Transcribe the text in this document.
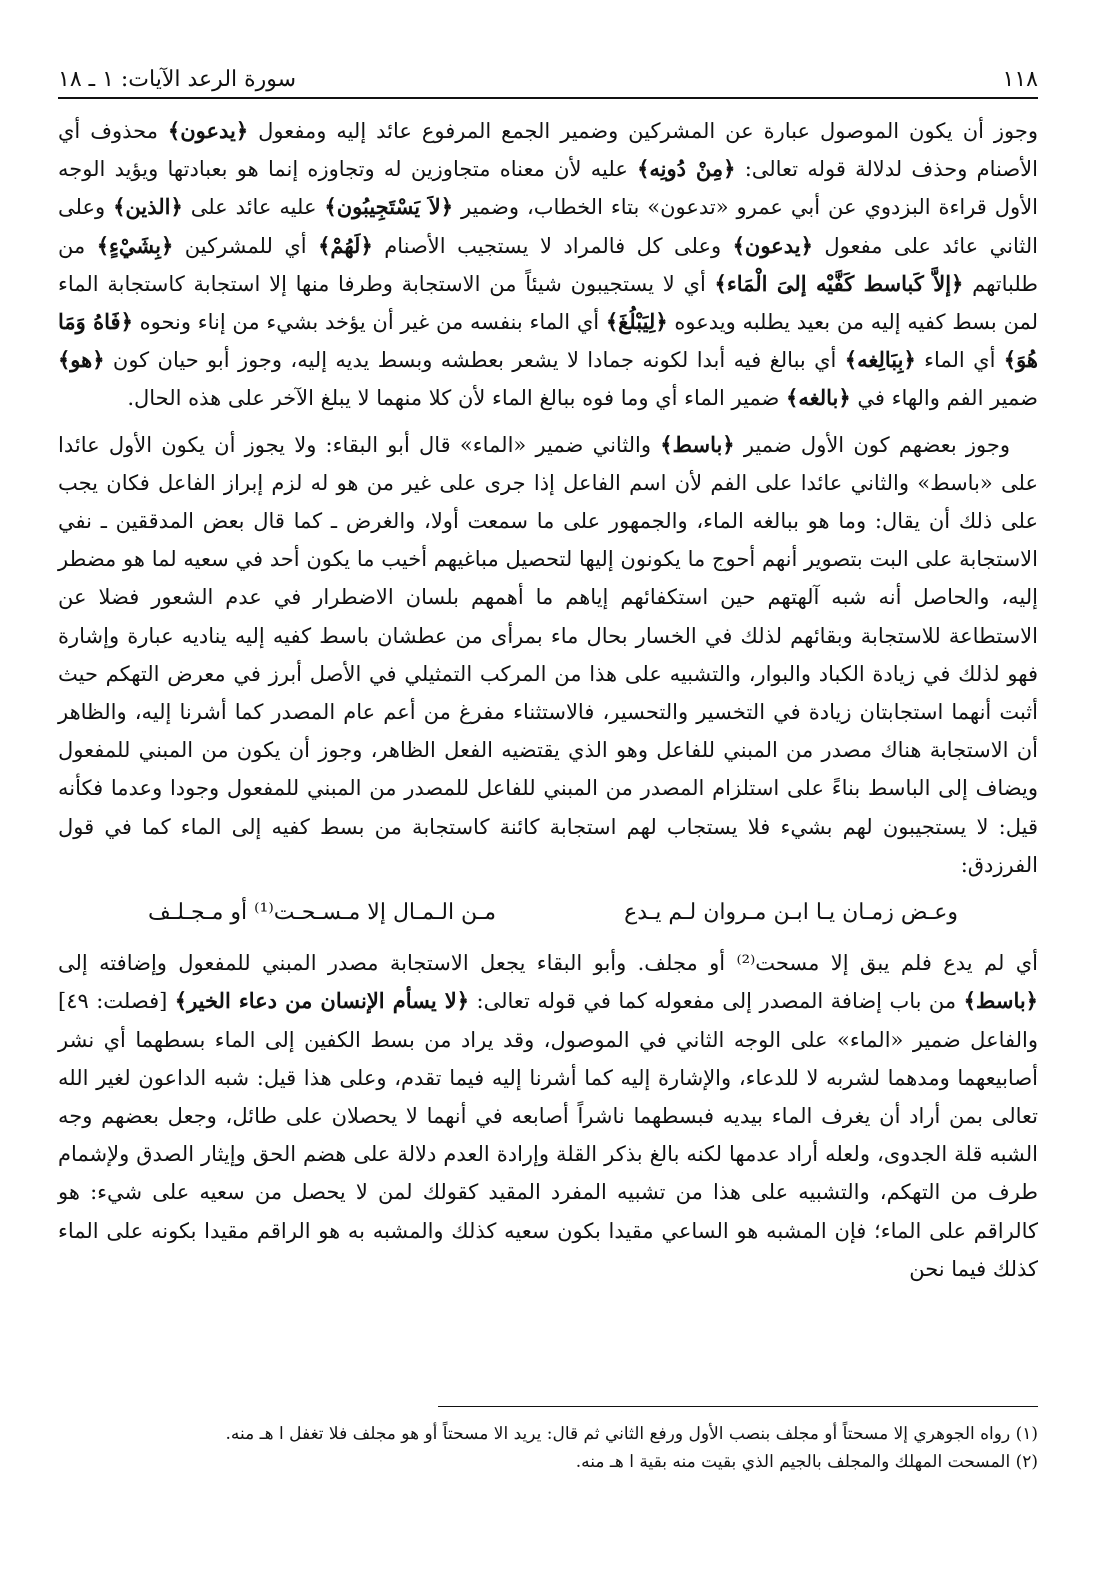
١١٨
سورة الرعد الآيات: ١ ـ ١٨

وجوز أن يكون الموصول عبارة عن المشركين وضمير الجمع المرفوع عائد إليه ومفعول ﴿يدعون﴾ محذوف أي الأصنام وحذف لدلالة قوله تعالى: ﴿مِنْ دُونِه﴾ عليه لأن معناه متجاوزين له وتجاوزه إنما هو بعبادتها ويؤيد الوجه الأول قراءة البزدوي عن أبي عمرو «تدعون» بتاء الخطاب، وضمير ﴿لاَ يَسْتَجِيبُون﴾ عليه عائد على ﴿الذين﴾ وعلى الثاني عائد على مفعول ﴿يدعون﴾ وعلى كل فالمراد لا يستجيب الأصنام ﴿لَهُمْ﴾ أي للمشركين ﴿بِشَيْءٍ﴾ من طلباتهم ﴿إلاَّ كَباسط كَفَّيْه إلىَ الْمَاء﴾ أي لا يستجيبون شيئاً من الاستجابة وطرفا منها إلا استجابة كاستجابة الماء لمن بسط كفيه إليه من بعيد يطلبه ويدعوه ﴿لِيَبْلُغَ﴾ أي الماء بنفسه من غير أن يؤخد بشيء من إناء ونحوه ﴿فَاهُ وَمَا هُوَ﴾ أي الماء ﴿بِبَالِغه﴾ أي ببالغ فيه أبدا لكونه جمادا لا يشعر بعطشه وبسط يديه إليه، وجوز أبو حيان كون ﴿هو﴾ ضمير الفم والهاء في ﴿بالغه﴾ ضمير الماء أي وما فوه ببالغ الماء لأن كلا منهما لا يبلغ الآخر على هذه الحال.

وجوز بعضهم كون الأول ضمير ﴿باسط﴾ والثاني ضمير «الماء» قال أبو البقاء: ولا يجوز أن يكون الأول عائدا على «باسط» والثاني عائدا على الفم لأن اسم الفاعل إذا جرى على غير من هو له لزم إبراز الفاعل فكان يجب على ذلك أن يقال: وما هو ببالغه الماء، والجمهور على ما سمعت أولا، والغرض ـ كما قال بعض المدققين ـ نفي الاستجابة على البت بتصوير أنهم أحوج ما يكونون إليها لتحصيل مباغيهم أخيب ما يكون أحد في سعيه لما هو مضطر إليه، والحاصل أنه شبه آلهتهم حين استكفائهم إياهم ما أهمهم بلسان الاضطرار في عدم الشعور فضلا عن الاستطاعة للاستجابة وبقائهم لذلك في الخسار بحال ماء بمرأى من عطشان باسط كفيه إليه يناديه عبارة وإشارة فهو لذلك في زيادة الكباد والبوار، والتشبيه على هذا من المركب التمثيلي في الأصل أبرز في معرض التهكم حيث أثبت أنهما استجابتان زيادة في التخسير والتحسير، فالاستثناء مفرغ من أعم عام المصدر كما أشرنا إليه، والظاهر أن الاستجابة هناك مصدر من المبني للفاعل وهو الذي يقتضيه الفعل الظاهر، وجوز أن يكون من المبني للمفعول ويضاف إلى الباسط بناءً على استلزام المصدر من المبني للفاعل للمصدر من المبني للمفعول وجودا وعدما فكأنه قيل: لا يستجيبون لهم بشيء فلا يستجاب لهم استجابة كائنة كاستجابة من بسط كفيه إلى الماء كما في قول الفرزدق:

وعـض زمـان يـا ابـن مـروان لـم يـدع
مـن الـمـال إلا مـسـحـت⁽¹⁾ أو مـجـلـف

أي لم يدع فلم يبق إلا مسحت⁽²⁾ أو مجلف. وأبو البقاء يجعل الاستجابة مصدر المبني للمفعول وإضافته إلى ﴿باسط﴾ من باب إضافة المصدر إلى مفعوله كما في قوله تعالى: ﴿لا يسأم الإنسان من دعاء الخير﴾ [فصلت: ٤٩] والفاعل ضمير «الماء» على الوجه الثاني في الموصول، وقد يراد من بسط الكفين إلى الماء بسطهما أي نشر أصابيعهما ومدهما لشربه لا للدعاء، والإشارة إليه كما أشرنا إليه فيما تقدم، وعلى هذا قيل: شبه الداعون لغير الله تعالى بمن أراد أن يغرف الماء بيديه فبسطهما ناشراً أصابعه في أنهما لا يحصلان على طائل، وجعل بعضهم وجه الشبه قلة الجدوى، ولعله أراد عدمها لكنه بالغ بذكر القلة وإرادة العدم دلالة على هضم الحق وإيثار الصدق ولإشمام طرف من التهكم، والتشبيه على هذا من تشبيه المفرد المقيد كقولك لمن لا يحصل من سعيه على شيء: هو كالراقم على الماء؛ فإن المشبه هو الساعي مقيدا بكون سعيه كذلك والمشبه به هو الراقم مقيدا بكونه على الماء كذلك فيما نحن

(١) رواه الجوهري إلا مسحتاً أو مجلف بنصب الأول ورفع الثاني ثم قال: يريد الا مسحتاً أو هو مجلف فلا تغفل ا هـ منه.
(٢) المسحت المهلك والمجلف بالجيم الذي بقيت منه بقية ا هـ منه.
